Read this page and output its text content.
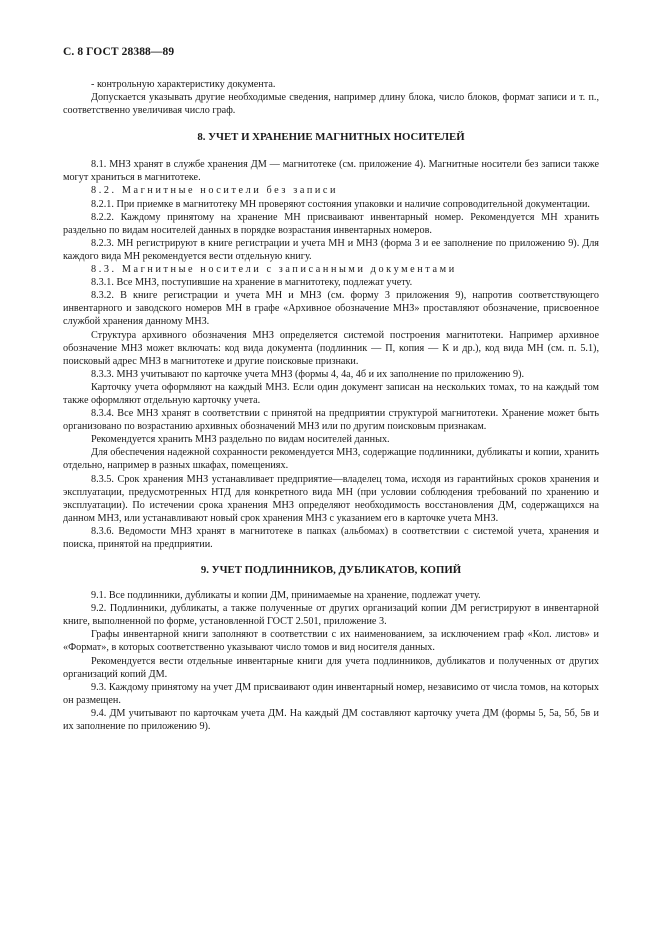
С. 8 ГОСТ 28388—89

- контрольную характеристику документа.

Допускается указывать другие необходимые сведения, например длину блока, число блоков, формат записи и т. п., соответственно увеличивая число граф.

8. УЧЕТ И ХРАНЕНИЕ МАГНИТНЫХ НОСИТЕЛЕЙ

8.1. МНЗ хранят в службе хранения ДМ — магнитотеке (см. приложение 4). Магнитные носители без записи также могут храниться в магнитотеке.

8.2. Магнитные носители без записи

8.2.1. При приемке в магнитотеку МН проверяют состояния упаковки и наличие сопроводительной документации.

8.2.2. Каждому принятому на хранение МН присваивают инвентарный номер. Рекомендуется МН хранить раздельно по видам носителей данных в порядке возрастания инвентарных номеров.

8.2.3. МН регистрируют в книге регистрации и учета МН и МНЗ (форма 3 и ее заполнение по приложению 9). Для каждого вида МН рекомендуется вести отдельную книгу.

8.3. Магнитные носители с записанными документами

8.3.1. Все МНЗ, поступившие на хранение в магнитотеку, подлежат учету.

8.3.2. В книге регистрации и учета МН и МНЗ (см. форму 3 приложения 9), напротив соответствующего инвентарного и заводского номеров МН в графе «Архивное обозначение МНЗ» проставляют обозначение, присвоенное службой хранения данному МНЗ.

Структура архивного обозначения МНЗ определяется системой построения магнитотеки. Например архивное обозначение МНЗ может включать: код вида документа (подлинник — П, копия — К и др.), код вида МН (см. п. 5.1), поисковый адрес МНЗ в магнитотеке и другие поисковые признаки.

8.3.3. МНЗ учитывают по карточке учета МНЗ (формы 4, 4а, 4б и их заполнение по приложению 9).

Карточку учета оформляют на каждый МНЗ. Если один документ записан на нескольких томах, то на каждый том также оформляют отдельную карточку учета.

8.3.4. Все МНЗ хранят в соответствии с принятой на предприятии структурой магнитотеки. Хранение может быть организовано по возрастанию архивных обозначений МНЗ или по другим поисковым признакам.

Рекомендуется хранить МНЗ раздельно по видам носителей данных.

Для обеспечения надежной сохранности рекомендуется МНЗ, содержащие подлинники, дубликаты и копии, хранить отдельно, например в разных шкафах, помещениях.

8.3.5. Срок хранения МНЗ устанавливает предприятие—владелец тома, исходя из гарантийных сроков хранения и эксплуатации, предусмотренных НТД для конкретного вида МН (при условии соблюдения требований по хранению и эксплуатации). По истечении срока хранения МНЗ определяют необходимость восстановления ДМ, содержащихся на данном МНЗ, или устанавливают новый срок хранения МНЗ с указанием его в карточке учета МНЗ.

8.3.6. Ведомости МНЗ хранят в магнитотеке в папках (альбомах) в соответствии с системой учета, хранения и поиска, принятой на предприятии.

9. УЧЕТ ПОДЛИННИКОВ, ДУБЛИКАТОВ, КОПИЙ

9.1. Все подлинники, дубликаты и копии ДМ, принимаемые на хранение, подлежат учету.

9.2. Подлинники, дубликаты, а также полученные от других организаций копии ДМ регистрируют в инвентарной книге, выполненной по форме, установленной ГОСТ 2.501, приложение 3.

Графы инвентарной книги заполняют в соответствии с их наименованием, за исключением граф «Кол. листов» и «Формат», в которых соответственно указывают число томов и вид носителя данных.

Рекомендуется вести отдельные инвентарные книги для учета подлинников, дубликатов и полученных от других организаций копий ДМ.

9.3. Каждому принятому на учет ДМ присваивают один инвентарный номер, независимо от числа томов, на которых он размещен.

9.4. ДМ учитывают по карточкам учета ДМ. На каждый ДМ составляют карточку учета ДМ (формы 5, 5а, 5б, 5в и их заполнение по приложению 9).
